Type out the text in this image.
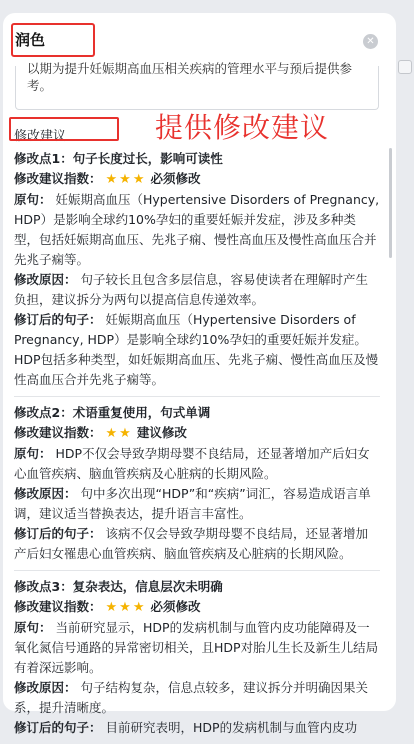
润色	✕
以期为提升妊娠期高血压相关疾病的管理水平与预后提供参考。
修改建议	提供修改建议

修改点1：句子长度过长，影响可读性

修改建议指数： ★ ★ ★ 必须修改

原句： 妊娠期高血压（Hypertensive Disorders of Pregnancy, HDP）是影响全球约10%孕妇的重要妊娠并发症，涉及多种类型，包括妊娠期高血压、先兆子痫、慢性高血压及慢性高血压合并先兆子痫等。

修改原因： 句子较长且包含多层信息，容易使读者在理解时产生负担，建议拆分为两句以提高信息传递效率。

修订后的句子： 妊娠期高血压（Hypertensive Disorders of Pregnancy, HDP）是影响全球约10%孕妇的重要妊娠并发症。HDP包括多种类型，如妊娠期高血压、先兆子痫、慢性高血压及慢性高血压合并先兆子痫等。

修改点2：术语重复使用，句式单调

修改建议指数： ★ ★ 建议修改

原句： HDP不仅会导致孕期母婴不良结局，还显著增加产后妇女心血管疾病、脑血管疾病及心脏病的长期风险。

修改原因： 句中多次出现“HDP”和“疾病”词汇，容易造成语言单调，建议适当替换表达，提升语言丰富性。

修订后的句子： 该病不仅会导致孕期母婴不良结局，还显著增加产后妇女罹患心血管疾病、脑血管疾病及心脏病的长期风险。

修改点3：复杂表达，信息层次未明确

修改建议指数： ★ ★ ★ 必须修改

原句： 当前研究显示，HDP的发病机制与血管内皮功能障碍及一氧化氮信号通路的异常密切相关，且HDP对胎儿生长及新生儿结局有着深远影响。

修改原因： 句子结构复杂，信息点较多，建议拆分并明确因果关系，提升清晰度。

修订后的句子： 目前研究表明，HDP的发病机制与血管内皮功
